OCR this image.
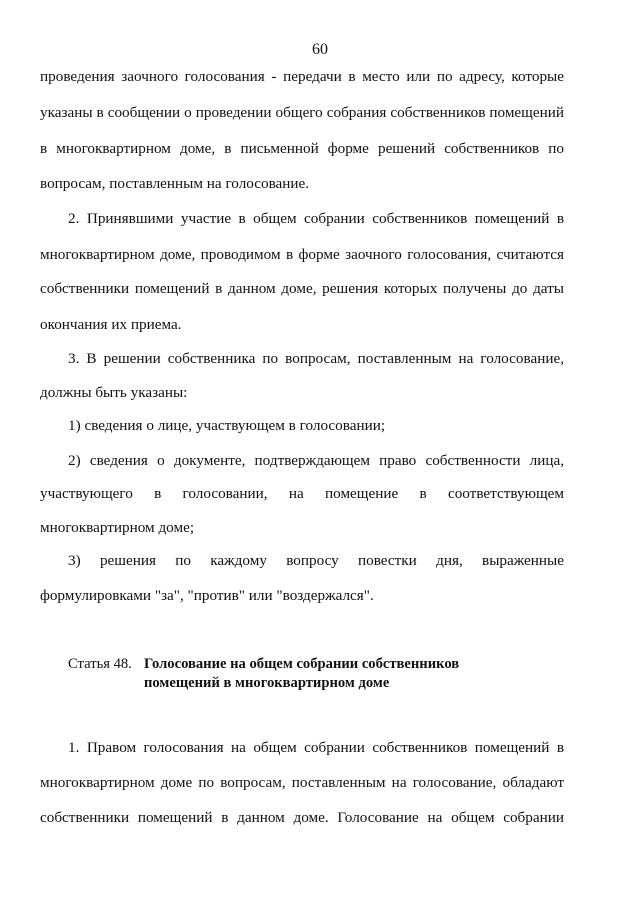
60
проведения заочного голосования - передачи в место или по адресу, которые
указаны в сообщении о проведении общего собрания собственников помещений
в многоквартирном доме, в письменной форме решений собственников по
вопросам, поставленным на голосование.
2. Принявшими участие в общем собрании собственников помещений в
многоквартирном доме, проводимом в форме заочного голосования, считаются
собственники помещений в данном доме, решения которых получены до даты
окончания их приема.
3. В решении собственника по вопросам, поставленным на голосование,
должны быть указаны:
1) сведения о лице, участвующем в голосовании;
2) сведения о документе, подтверждающем право собственности лица,
участвующего в голосовании, на помещение в соответствующем
многоквартирном доме;
3) решения по каждому вопросу повестки дня, выраженные
формулировками "за", "против" или "воздержался".
Статья 48. Голосование на общем собрании собственников
помещений в многоквартирном доме
1. Правом голосования на общем собрании собственников помещений в
многоквартирном доме по вопросам, поставленным на голосование, обладают
собственники помещений в данном доме. Голосование на общем собрании
